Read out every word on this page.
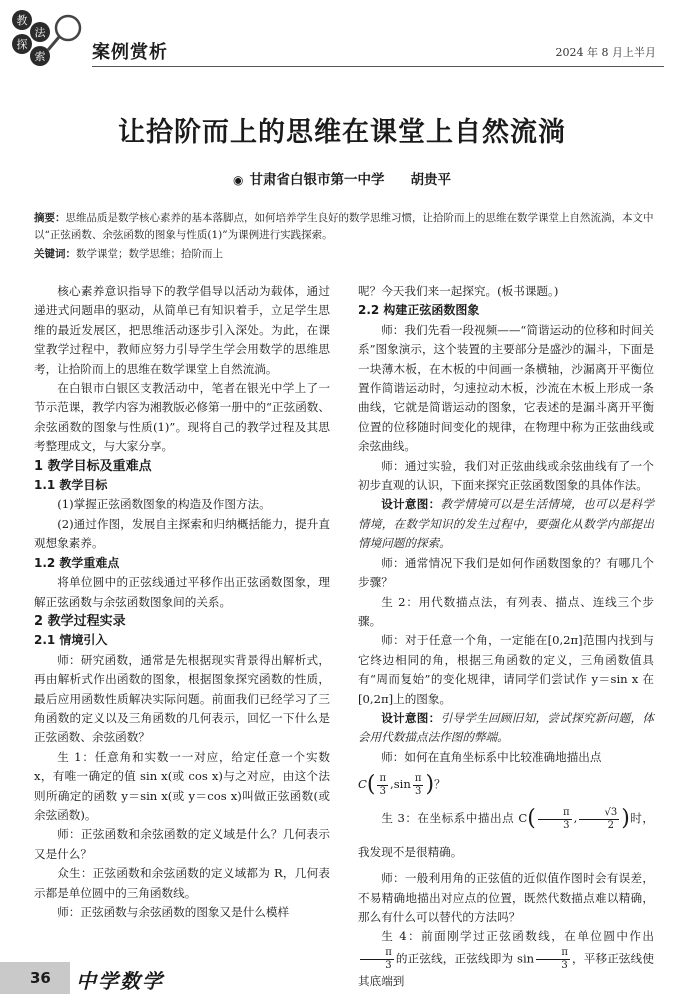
教
法
探
索	案例赏析	2024 年 8 月上半月
让拾阶而上的思维在课堂上自然流淌
◉ 甘肃省白银市第一中学 胡贵平

摘要：思维品质是数学核心素养的基本落脚点，如何培养学生良好的数学思维习惯，让拾阶而上的思维在数学课堂上自然流淌，本文中以“正弦函数、余弦函数的图象与性质(1)”为课例进行实践探索。

关键词：数学课堂；数学思维；拾阶而上

核心素养意识指导下的教学倡导以活动为载体，通过递进式问题串的驱动，从简单已有知识着手，立足学生思维的最近发展区，把思维活动逐步引入深处。为此，在课堂教学过程中，教师应努力引导学生学会用数学的思维思考，让拾阶而上的思维在数学课堂上自然流淌。

在白银市白银区支教活动中，笔者在银光中学上了一节示范课，教学内容为湘教版必修第一册中的“正弦函数、余弦函数的图象与性质(1)”。现将自己的教学过程及其思考整理成文，与大家分享。

1 教学目标及重难点

1.1 教学目标

(1)掌握正弦函数图象的构造及作图方法。

(2)通过作图，发展自主探索和归纳概括能力，提升直观想象素养。

1.2 教学重难点

将单位圆中的正弦线通过平移作出正弦函数图象，理解正弦函数与余弦函数图象间的关系。

2 教学过程实录

2.1 情境引入

师：研究函数，通常是先根据现实背景得出解析式，再由解析式作出函数的图象，根据图象探究函数的性质，最后应用函数性质解决实际问题。前面我们已经学习了三角函数的定义以及三角函数的几何表示，回忆一下什么是正弦函数、余弦函数？

生 1：任意角和实数一一对应，给定任意一个实数 x，有唯一确定的值 sin x(或 cos x)与之对应，由这个法则所确定的函数 y＝sin x(或 y＝cos x)叫做正弦函数(或余弦函数)。

师：正弦函数和余弦函数的定义域是什么？几何表示又是什么？

众生：正弦函数和余弦函数的定义域都为 R，几何表示都是单位圆中的三角函数线。

师：正弦函数与余弦函数的图象又是什么模样

呢？今天我们来一起探究。(板书课题。)

2.2 构建正弦函数图象

师：我们先看一段视频——“简谐运动的位移和时间关系”图象演示，这个装置的主要部分是盛沙的漏斗，下面是一块薄木板，在木板的中间画一条横轴，沙漏离开平衡位置作简谐运动时，匀速拉动木板，沙流在木板上形成一条曲线，它就是简谐运动的图象，它表述的是漏斗离开平衡位置的位移随时间变化的规律，在物理中称为正弦曲线或余弦曲线。

师：通过实验，我们对正弦曲线或余弦曲线有了一个初步直观的认识，下面来探究正弦函数图象的具体作法。

设计意图：教学情境可以是生活情境，也可以是科学情境，在数学知识的发生过程中，要强化从数学内部提出情境问题的探索。

师：通常情况下我们是如何作函数图象的？有哪几个步骤？

生 2：用代数描点法，有列表、描点、连线三个步骤。

师：对于任意一个角，一定能在[0,2π]范围内找到与它终边相同的角，根据三角函数的定义，三角函数值具有“周而复始”的变化规律，请同学们尝试作 y＝sin x 在[0,2π]上的图象。

设计意图：引导学生回顾旧知，尝试探究新问题，体会用代数描点法作图的弊端。

师：如何在直角坐标系中比较准确地描出点

$C( \frac{\pi}{3} ,\sin \frac{\pi}{3}$ )？

生 3：在坐标系中描出点 $C( \frac{\pi}{3}$ , $\frac{√3}{2}$ )时，我发现不是很精确。

师：一般利用角的正弦值的近似值作图时会有误差，不易精确地描出对应点的位置，既然代数描点难以精确，那么有什么可以替代的方法吗？

生 4：前面刚学过正弦函数线，在单位圆中作出
$\frac{\pi}{3}$ 的正弦线，正弦线即为 $\sin \frac{\pi}{3}$ ，平移正弦线使其底端到

36 中学数学
